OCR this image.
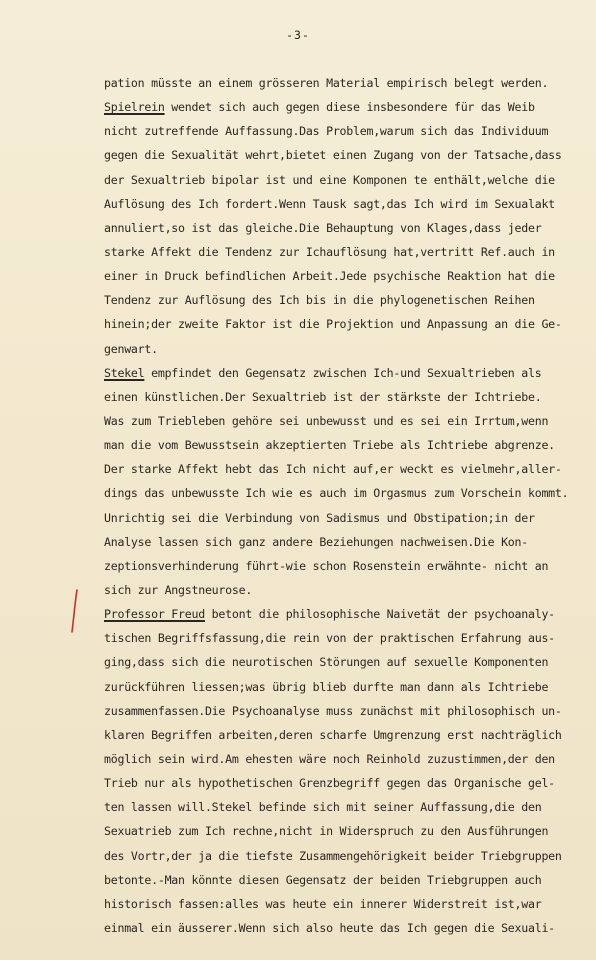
-3-
pation müsste an einem grösseren Material empirisch belegt werden.
Spielrein wendet sich auch gegen diese insbesondere für das Weib
nicht zutreffende Auffassung.Das Problem,warum sich das Individuum
gegen die Sexualität wehrt,bietet einen Zugang von der Tatsache,dass
der Sexualtrieb bipolar ist und eine Komponen te enthält,welche die
Auflösung des Ich fordert.Wenn Tausk sagt,das Ich wird im Sexualakt
annuliert,so ist das gleiche.Die Behauptung von Klages,dass jeder
starke Affekt die Tendenz zur Ichauflösung hat,vertritt Ref.auch in
einer in Druck befindlichen Arbeit.Jede psychische Reaktion hat die
Tendenz zur Auflösung des Ich bis in die phylogenetischen Reihen
hinein;der zweite Faktor ist die Projektion und Anpassung an die Ge-
genwart.
Stekel empfindet den Gegensatz zwischen Ich-und Sexualtrieben als
einen künstlichen.Der Sexualtrieb ist der stärkste der Ichtriebe.
Was zum Triebleben gehöre sei unbewusst und es sei ein Irrtum,wenn
man die vom Bewusstsein akzeptierten Triebe als Ichtriebe abgrenze.
Der starke Affekt hebt das Ich nicht auf,er weckt es vielmehr,aller-
dings das unbewusste Ich wie es auch im Orgasmus zum Vorschein kommt.
Unrichtig sei die Verbindung von Sadismus und Obstipation;in der
Analyse lassen sich ganz andere Beziehungen nachweisen.Die Kon-
zeptionsverhinderung führt-wie schon Rosenstein erwähnte- nicht an
sich zur Angstneurose.
Professor Freud betont die philosophische Naivetät der psychoanaly-
tischen Begriffsfassung,die rein von der praktischen Erfahrung aus-
ging,dass sich die neurotischen Störungen auf sexuelle Komponenten
zurückführen liessen;was übrig blieb durfte man dann als Ichtriebe
zusammenfassen.Die Psychoanalyse muss zunächst mit philosophisch un-
klaren Begriffen arbeiten,deren scharfe Umgrenzung erst nachträglich
möglich sein wird.Am ehesten wäre noch Reinhold zuzustimmen,der den
Trieb nur als hypothetischen Grenzbegriff gegen das Organische gel-
ten lassen will.Stekel befinde sich mit seiner Auffassung,die den
Sexuatrieb zum Ich rechne,nicht in Widerspruch zu den Ausführungen
des Vortr,der ja die tiefste Zusammengehörigkeit beider Triebgruppen
betonte.-Man könnte diesen Gegensatz der beiden Triebgruppen auch
historisch fassen:alles was heute ein innerer Widerstreit ist,war
einmal ein äusserer.Wenn sich also heute das Ich gegen die Sexuali-
